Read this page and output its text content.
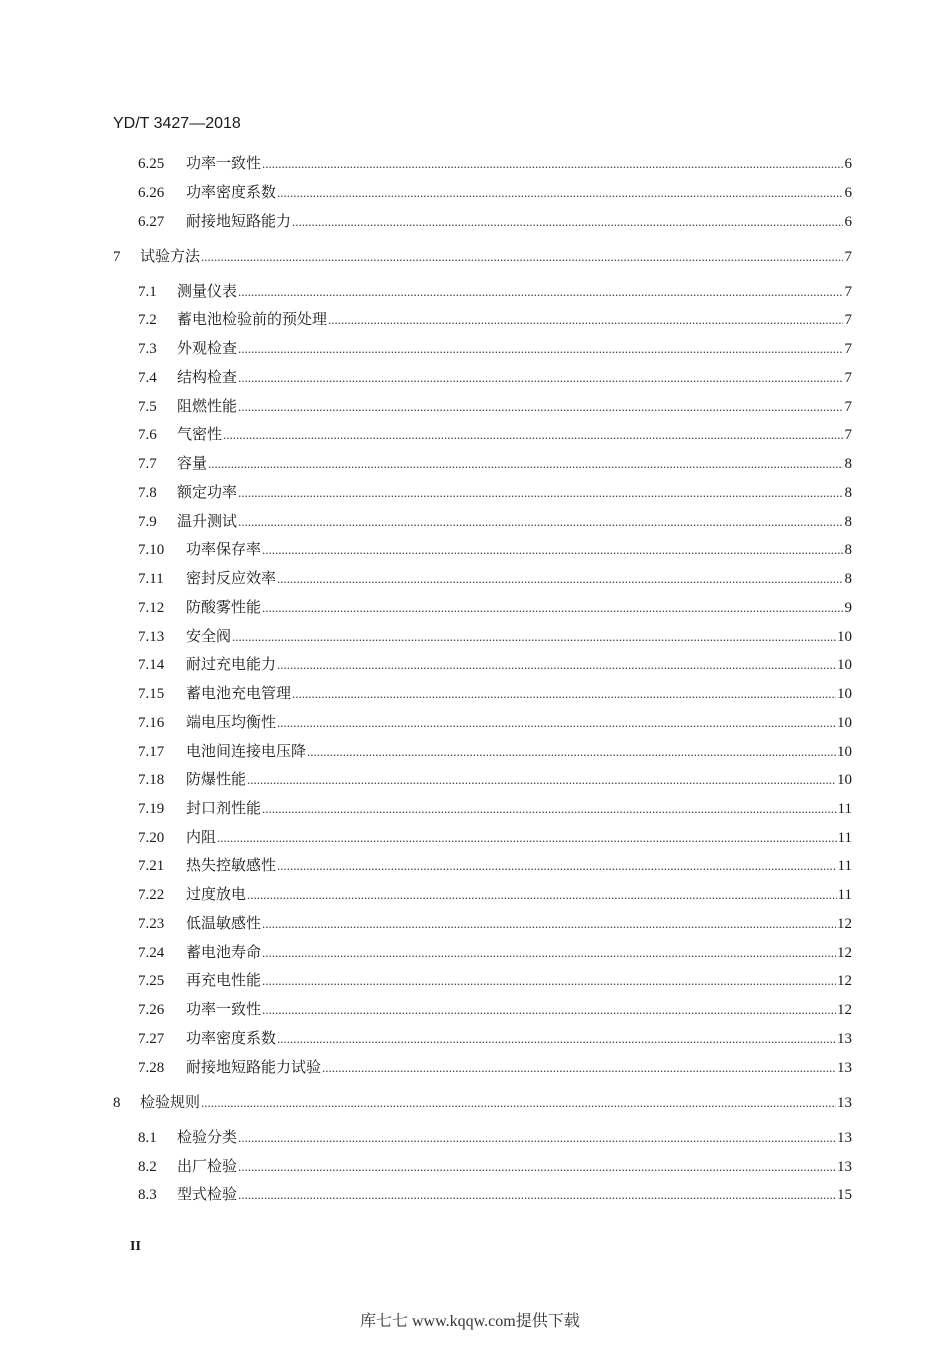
YD/T 3427—2018
6.25	功率一致性 .....	6
6.26	功率密度系数 .....	6
6.27	耐接地短路能力 .....	6
7	试验方法 .....	7
7.1	测量仪表 .....	7
7.2	蓄电池检验前的预处理 .....	7
7.3	外观检查 .....	7
7.4	结构检查 .....	7
7.5	阻燃性能 .....	7
7.6	气密性 .....	7
7.7	容量 .....	8
7.8	额定功率 .....	8
7.9	温升测试 .....	8
7.10	功率保存率 .....	8
7.11	密封反应效率 .....	8
7.12	防酸雾性能 .....	9
7.13	安全阀 .....	10
7.14	耐过充电能力 .....	10
7.15	蓄电池充电管理 .....	10
7.16	端电压均衡性 .....	10
7.17	电池间连接电压降 .....	10
7.18	防爆性能 .....	10
7.19	封口剂性能 .....	11
7.20	内阻 .....	11
7.21	热失控敏感性 .....	11
7.22	过度放电 .....	11
7.23	低温敏感性 .....	12
7.24	蓄电池寿命 .....	12
7.25	再充电性能 .....	12
7.26	功率一致性 .....	12
7.27	功率密度系数 .....	13
7.28	耐接地短路能力试验 .....	13
8	检验规则 .....	13
8.1	检验分类 .....	13
8.2	出厂检验 .....	13
8.3	型式检验 .....	15
II
库七七 www.kqqw.com提供下载
